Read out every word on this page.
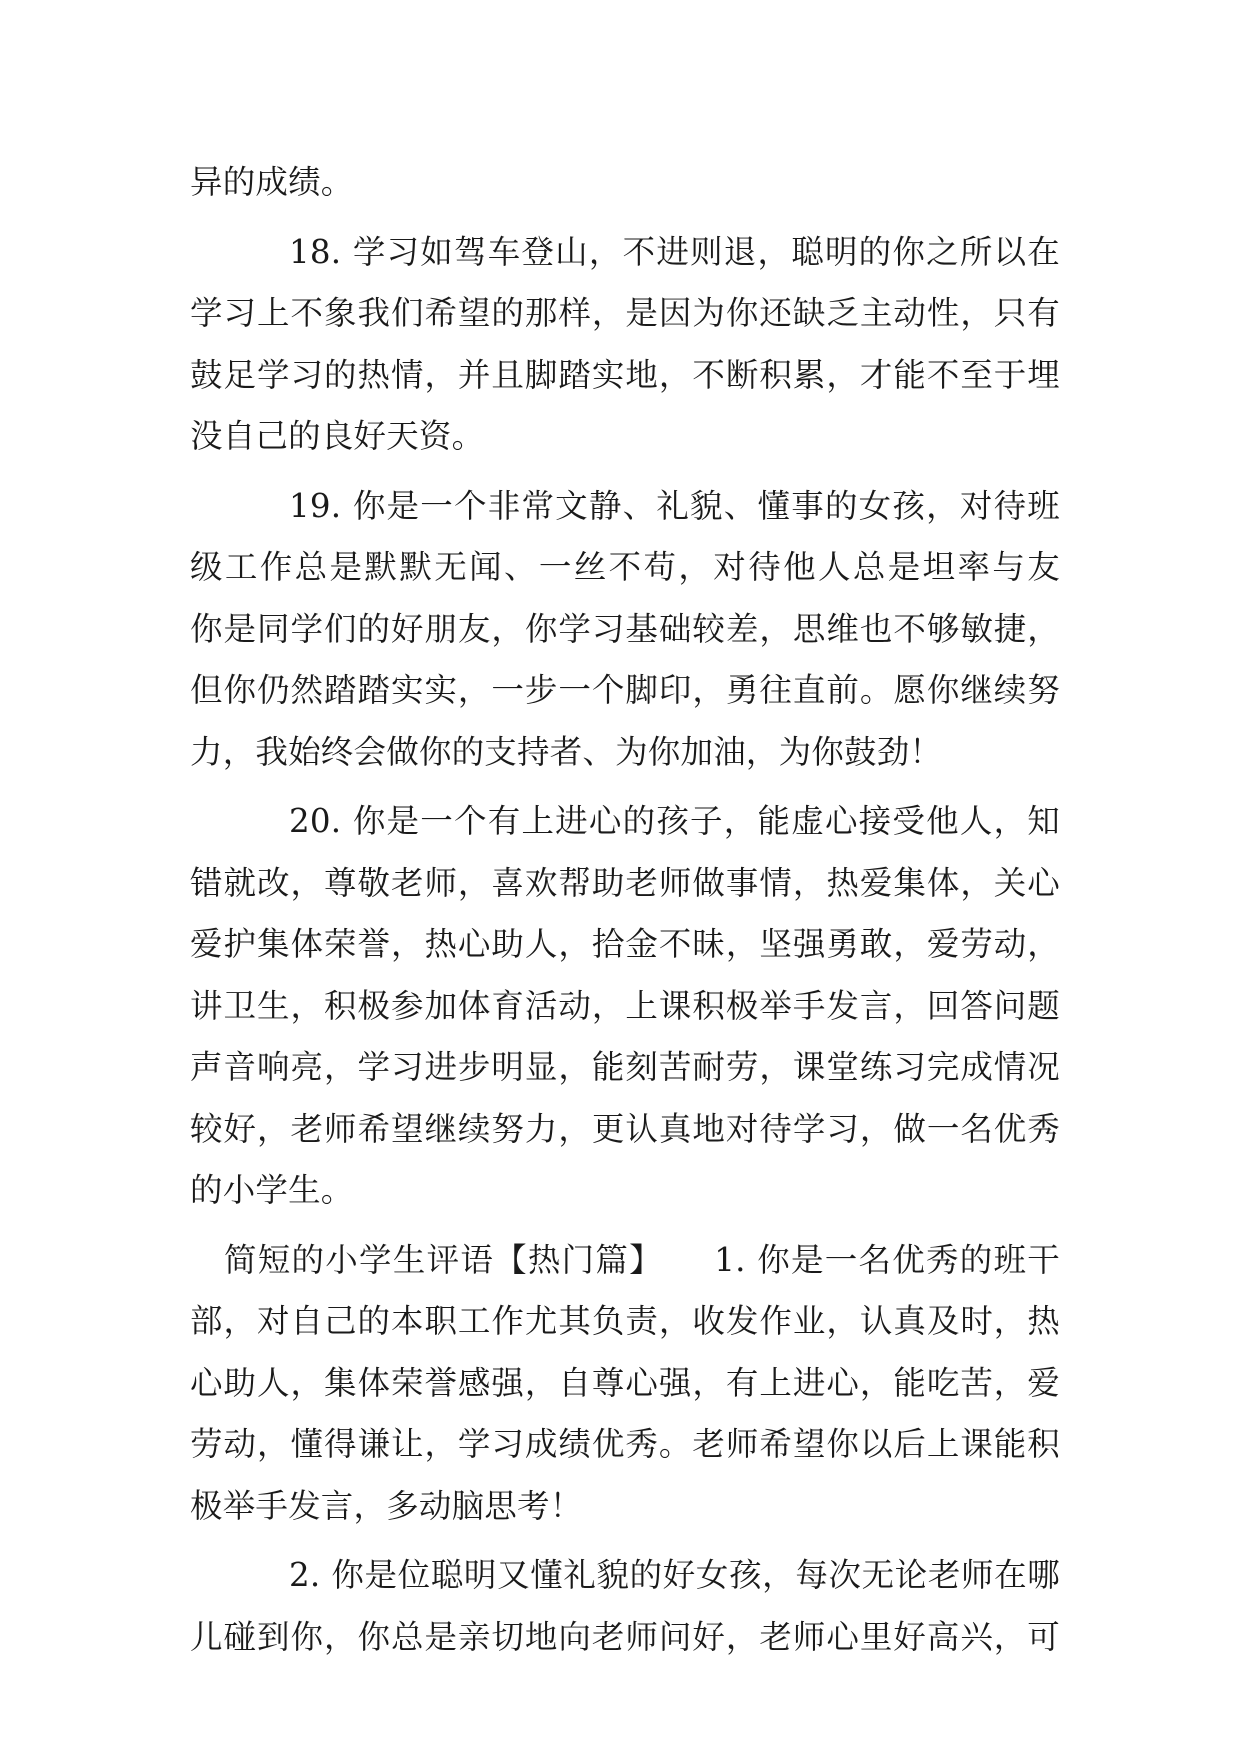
异的成绩。
18. 学习如驾车登山，不进则退，聪明的你之所以在
学习上不象我们希望的那样，是因为你还缺乏主动性，只有
鼓足学习的热情，并且脚踏实地，不断积累，才能不至于埋
没自己的良好天资。
19. 你是一个非常文静、礼貌、懂事的女孩，对待班
级工作总是默默无闻、一丝不苟，对待他人总是坦率与友
你是同学们的好朋友，你学习基础较差，思维也不够敏捷，
但你仍然踏踏实实，一步一个脚印，勇往直前。愿你继续努
力，我始终会做你的支持者、为你加油，为你鼓劲！
20. 你是一个有上进心的孩子，能虚心接受他人，知
错就改，尊敬老师，喜欢帮助老师做事情，热爱集体，关心
爱护集体荣誉，热心助人，拾金不昧，坚强勇敢，爱劳动，
讲卫生，积极参加体育活动，上课积极举手发言，回答问题
声音响亮，学习进步明显，能刻苦耐劳，课堂练习完成情况
较好，老师希望继续努力，更认真地对待学习，做一名优秀
的小学生。
简短的小学生评语【热门篇】　　1. 你是一名优秀的班干
部，对自己的本职工作尤其负责，收发作业，认真及时，热
心助人，集体荣誉感强，自尊心强，有上进心，能吃苦，爱
劳动，懂得谦让，学习成绩优秀。老师希望你以后上课能积
极举手发言，多动脑思考！
2. 你是位聪明又懂礼貌的好女孩，每次无论老师在哪
儿碰到你，你总是亲切地向老师问好，老师心里好高兴，可
